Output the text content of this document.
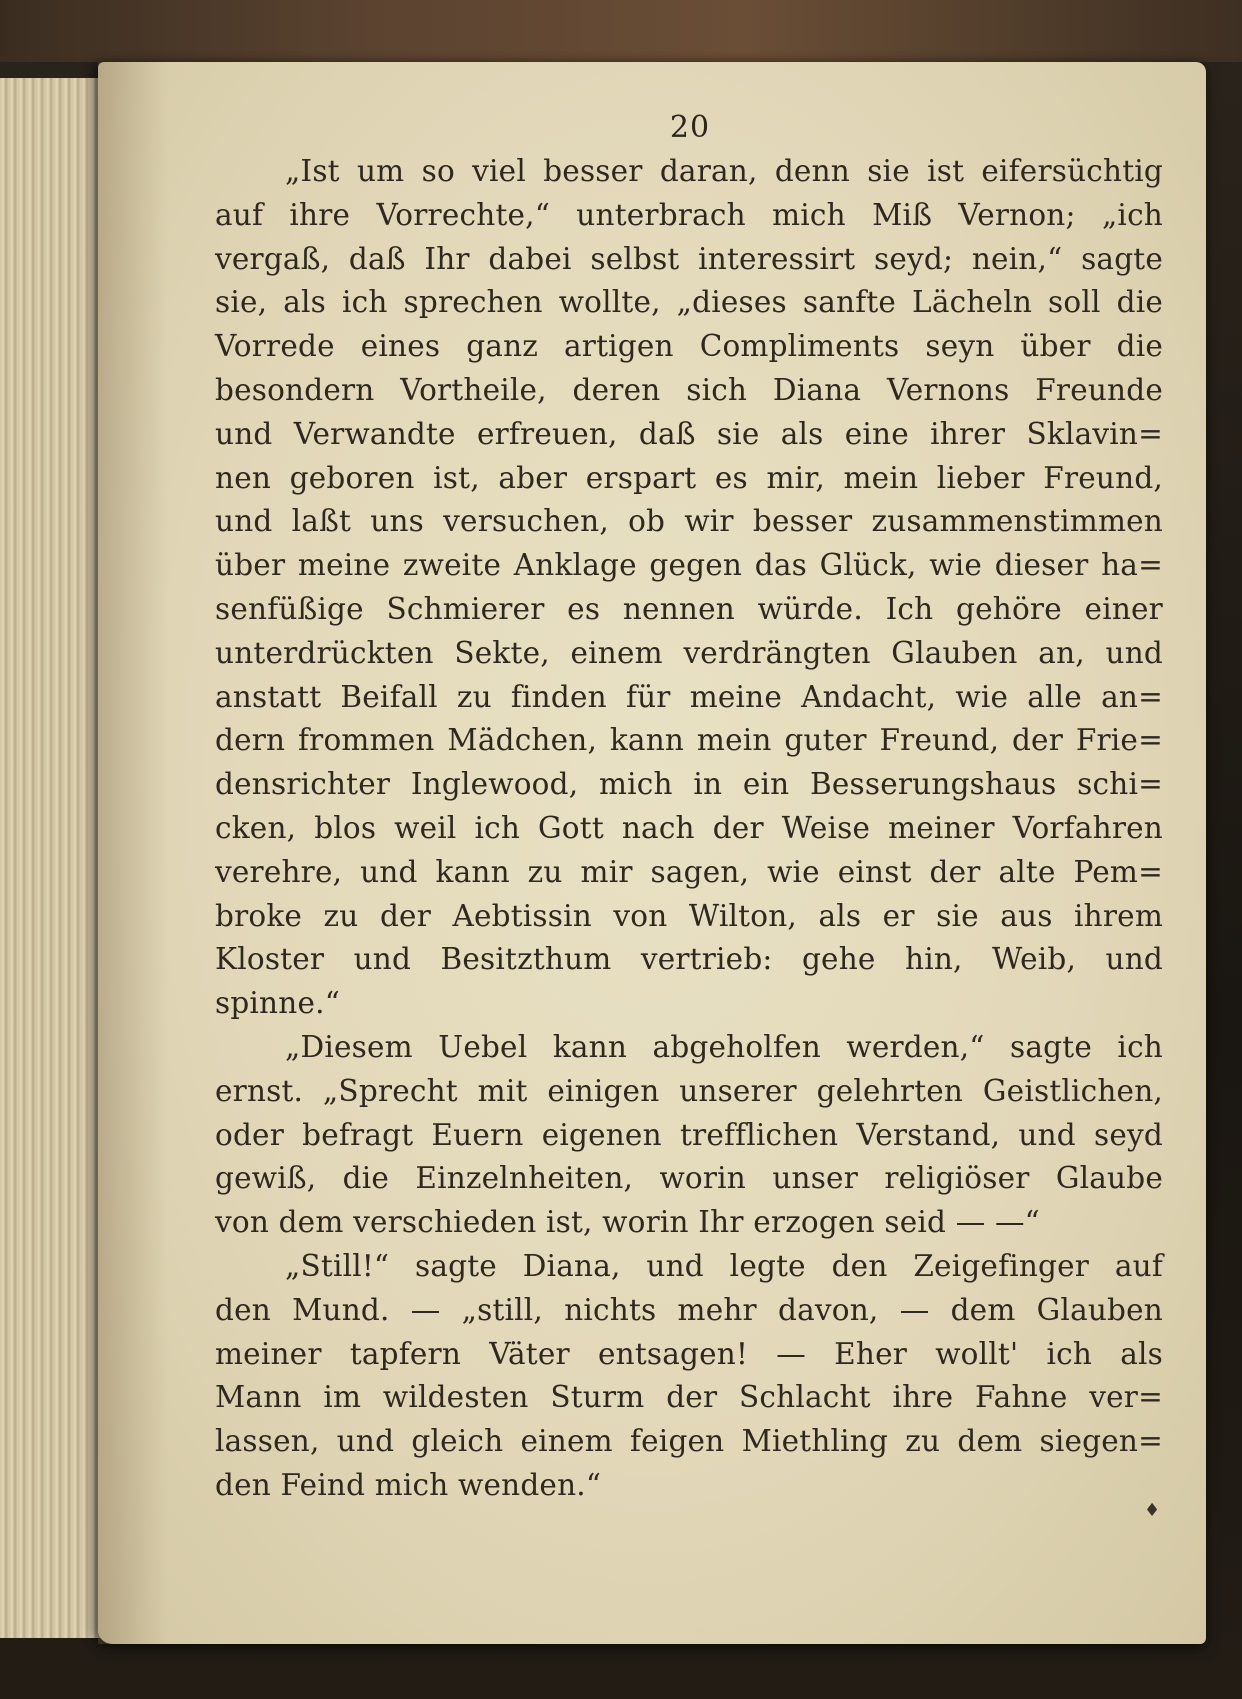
20
„Ist um so viel besser daran, denn sie ist eifersüchtig
auf ihre Vorrechte,“ unterbrach mich Miß Vernon; „ich
vergaß, daß Ihr dabei selbst interessirt seyd; nein,“ sagte
sie, als ich sprechen wollte, „dieses sanfte Lächeln soll die
Vorrede eines ganz artigen Compliments seyn über die
besondern Vortheile, deren sich Diana Vernons Freunde
und Verwandte erfreuen, daß sie als eine ihrer Sklavin=
nen geboren ist, aber erspart es mir, mein lieber Freund,
und laßt uns versuchen, ob wir besser zusammenstimmen
über meine zweite Anklage gegen das Glück, wie dieser ha=
senfüßige Schmierer es nennen würde. Ich gehöre einer
unterdrückten Sekte, einem verdrängten Glauben an, und
anstatt Beifall zu finden für meine Andacht, wie alle an=
dern frommen Mädchen, kann mein guter Freund, der Frie=
densrichter Inglewood, mich in ein Besserungshaus schi=
cken, blos weil ich Gott nach der Weise meiner Vorfahren
verehre, und kann zu mir sagen, wie einst der alte Pem=
broke zu der Aebtissin von Wilton, als er sie aus ihrem
Kloster und Besitzthum vertrieb: gehe hin, Weib, und
spinne.“
„Diesem Uebel kann abgeholfen werden,“ sagte ich
ernst. „Sprecht mit einigen unserer gelehrten Geistlichen,
oder befragt Euern eigenen trefflichen Verstand, und seyd
gewiß, die Einzelnheiten, worin unser religiöser Glaube
von dem verschieden ist, worin Ihr erzogen seid — —“
„Still!“ sagte Diana, und legte den Zeigefinger auf
den Mund. — „still, nichts mehr davon, — dem Glauben
meiner tapfern Väter entsagen! — Eher wollt' ich als
Mann im wildesten Sturm der Schlacht ihre Fahne ver=
lassen, und gleich einem feigen Miethling zu dem siegen=
den Feind mich wenden.“
♦
